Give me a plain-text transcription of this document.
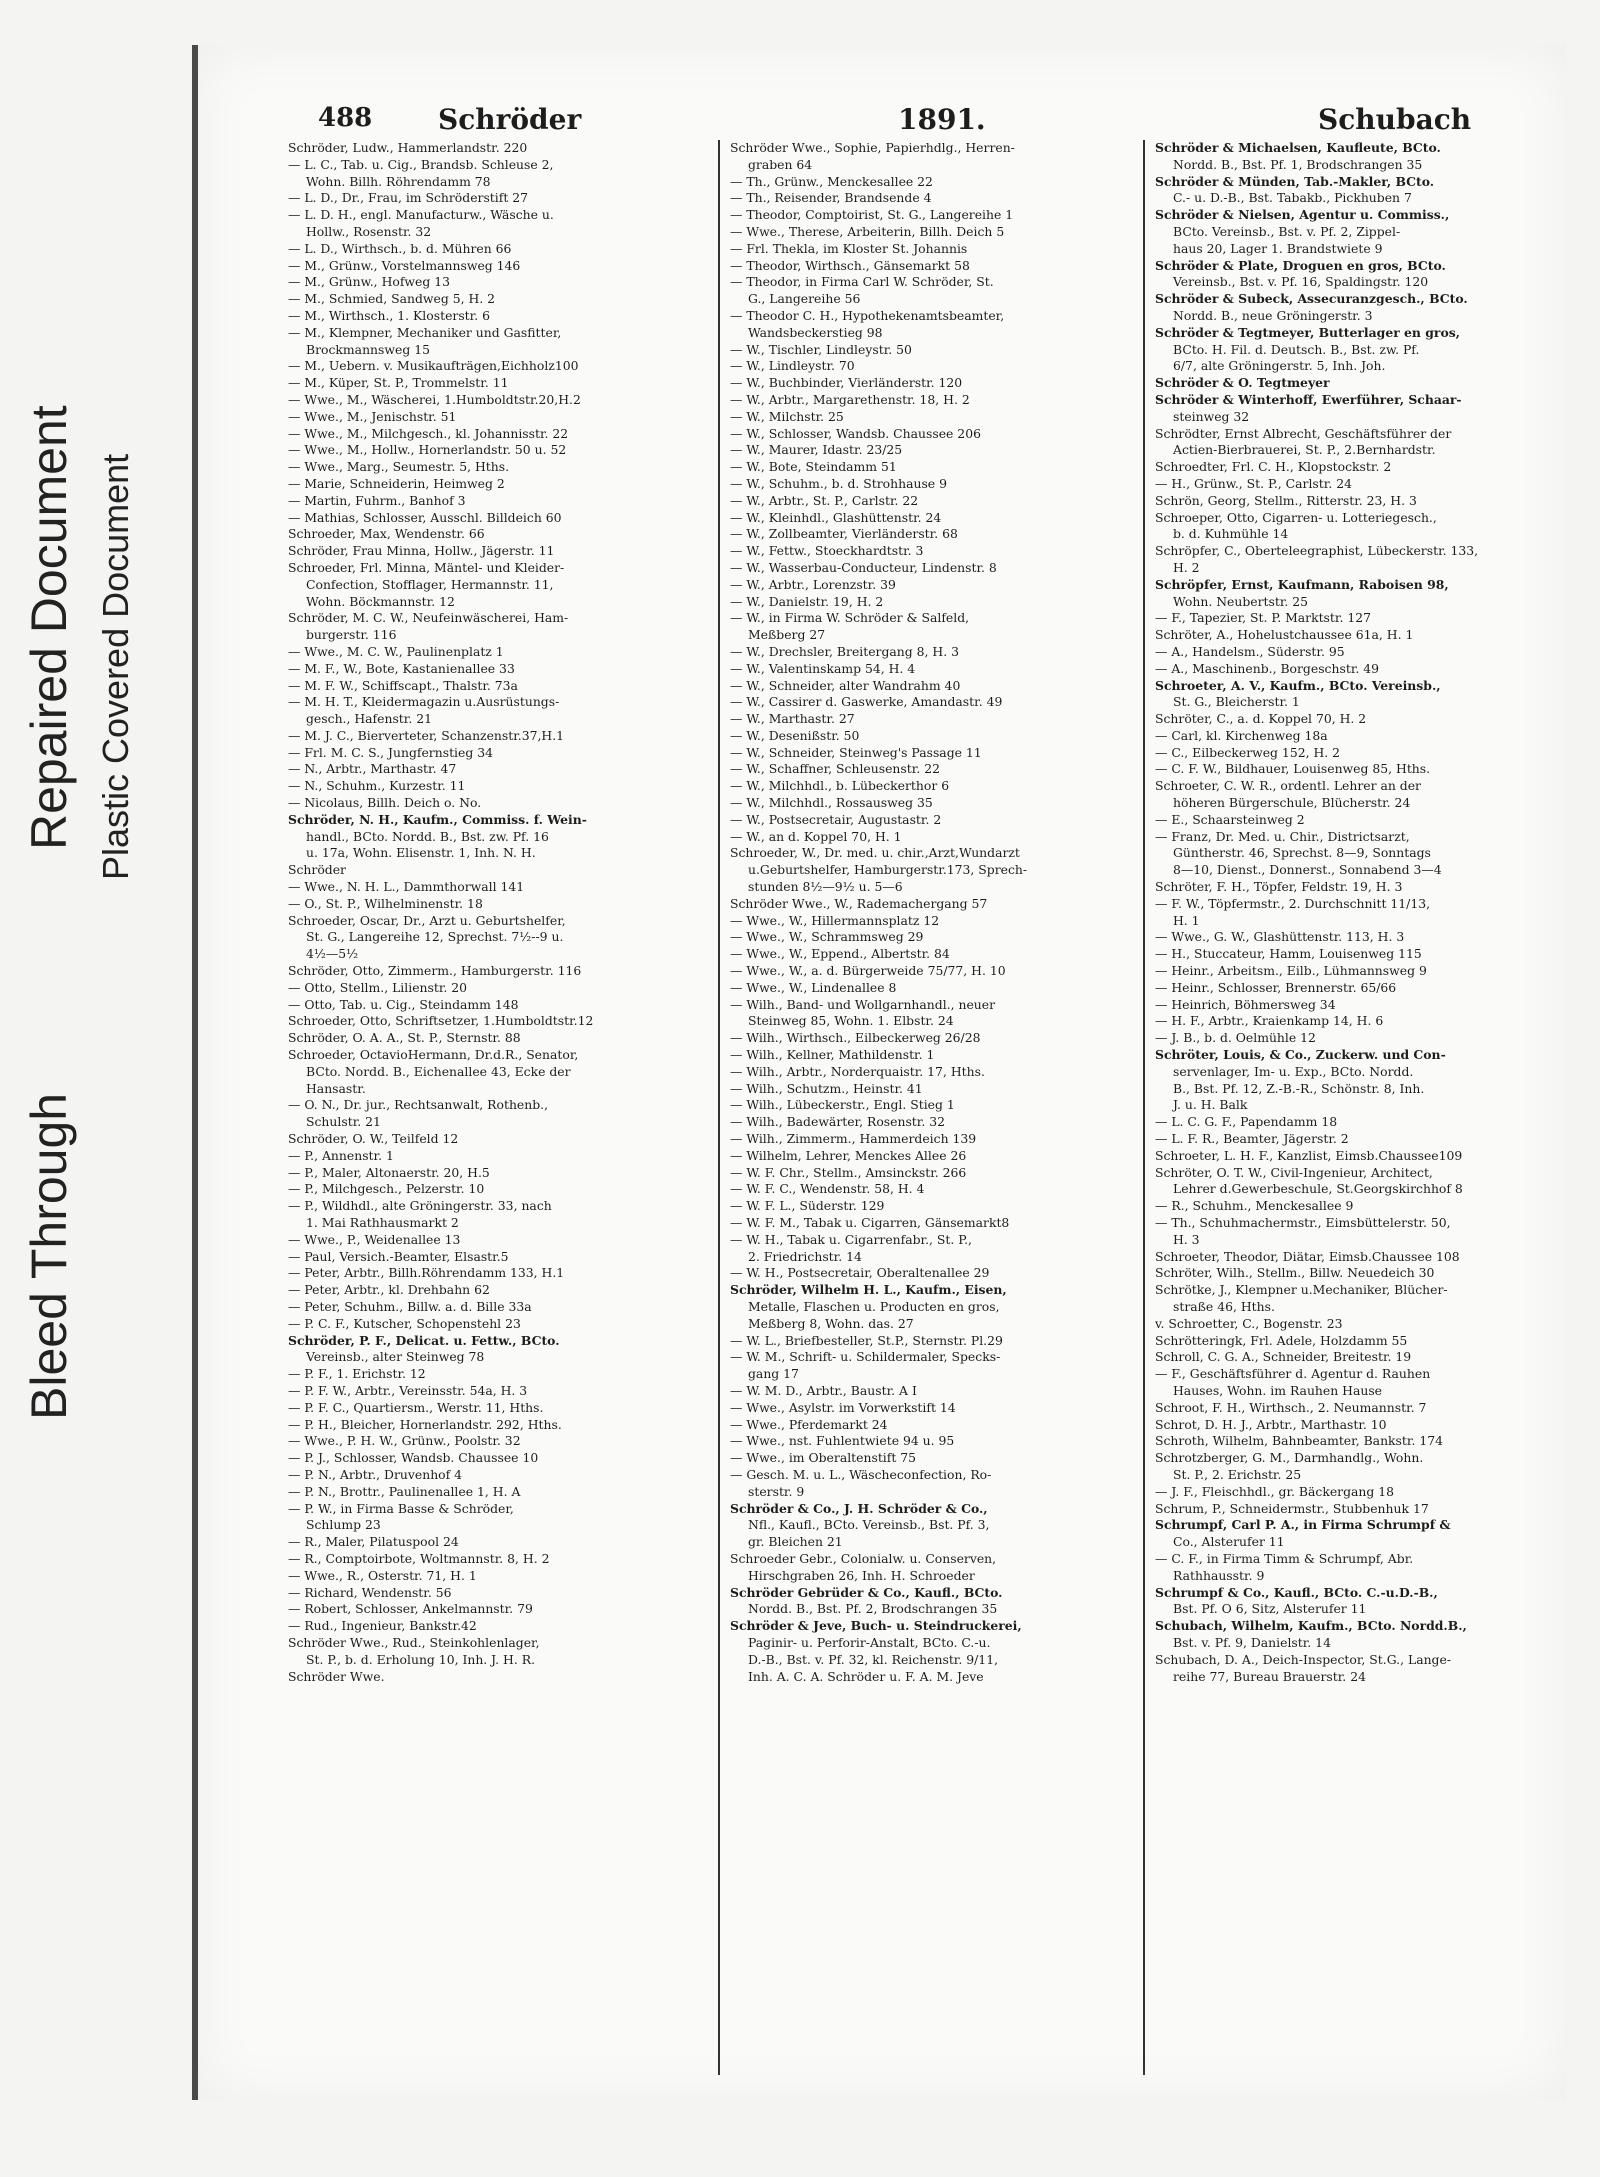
Bleed Through
Repaired Document Plastic Covered Document
488 Schröder	1891.	Schubach
Schröder, Ludw., Hammerlandstr. 220
— L. C., Tab. u. Cig., Brandsb. Schleuse 2,
Wohn. Billh. Röhrendamm 78
— L. D., Dr., Frau, im Schröderstift 27
— L. D. H., engl. Manufacturw., Wäsche u.
Hollw., Rosenstr. 32
— L. D., Wirthsch., b. d. Mühren 66
— M., Grünw., Vorstelmannsweg 146
— M., Grünw., Hofweg 13
— M., Schmied, Sandweg 5, H. 2
— M., Wirthsch., 1. Klosterstr. 6
— M., Klempner, Mechaniker und Gasfitter,
Brockmannsweg 15
— M., Uebern. v. Musikaufträgen,Eichholz100
— M., Küper, St. P., Trommelstr. 11
— Wwe., M., Wäscherei, 1.Humboldtstr.20,H.2
— Wwe., M., Jenischstr. 51
— Wwe., M., Milchgesch., kl. Johannisstr. 22
— Wwe., M., Hollw., Hornerlandstr. 50 u. 52
— Wwe., Marg., Seumestr. 5, Hths.
— Marie, Schneiderin, Heimweg 2
— Martin, Fuhrm., Banhof 3
— Mathias, Schlosser, Ausschl. Billdeich 60
Schroeder, Max, Wendenstr. 66
Schröder, Frau Minna, Hollw., Jägerstr. 11
Schroeder, Frl. Minna, Mäntel- und Kleider-
Confection, Stofflager, Hermannstr. 11,
Wohn. Böckmannstr. 12
Schröder, M. C. W., Neufeinwäscherei, Ham-
burgerstr. 116
— Wwe., M. C. W., Paulinenplatz 1
— M. F., W., Bote, Kastanienallee 33
— M. F. W., Schiffscapt., Thalstr. 73a
— M. H. T., Kleidermagazin u.Ausrüstungs-
gesch., Hafenstr. 21
— M. J. C., Bierverteter, Schanzenstr.37,H.1
— Frl. M. C. S., Jungfernstieg 34
— N., Arbtr., Marthastr. 47
— N., Schuhm., Kurzestr. 11
— Nicolaus, Billh. Deich o. No.
Schröder, N. H., Kaufm., Commiss. f. Wein-
handl., BCto. Nordd. B., Bst. zw. Pf. 16
u. 17a, Wohn. Elisenstr. 1, Inh. N. H.
Schröder
— Wwe., N. H. L., Dammthorwall 141
— O., St. P., Wilhelminenstr. 18
Schroeder, Oscar, Dr., Arzt u. Geburtshelfer,
St. G., Langereihe 12, Sprechst. 7½--9 u.
4½—5½
Schröder, Otto, Zimmerm., Hamburgerstr. 116
— Otto, Stellm., Lilienstr. 20
— Otto, Tab. u. Cig., Steindamm 148
Schroeder, Otto, Schriftsetzer, 1.Humboldtstr.12
Schröder, O. A. A., St. P., Sternstr. 88
Schroeder, OctavioHermann, Dr.d.R., Senator,
BCto. Nordd. B., Eichenallee 43, Ecke der
Hansastr.
— O. N., Dr. jur., Rechtsanwalt, Rothenb.,
Schulstr. 21
Schröder, O. W., Teilfeld 12
— P., Annenstr. 1
— P., Maler, Altonaerstr. 20, H.5
— P., Milchgesch., Pelzerstr. 10
— P., Wildhdl., alte Gröningerstr. 33, nach
1. Mai Rathhausmarkt 2
— Wwe., P., Weidenallee 13
— Paul, Versich.-Beamter, Elsastr.5
— Peter, Arbtr., Billh.Röhrendamm 133, H.1
— Peter, Arbtr., kl. Drehbahn 62
— Peter, Schuhm., Billw. a. d. Bille 33a
— P. C. F., Kutscher, Schopenstehl 23
Schröder, P. F., Delicat. u. Fettw., BCto.
Vereinsb., alter Steinweg 78
— P. F., 1. Erichstr. 12
— P. F. W., Arbtr., Vereinsstr. 54a, H. 3
— P. F. C., Quartiersm., Werstr. 11, Hths.
— P. H., Bleicher, Hornerlandstr. 292, Hths.
— Wwe., P. H. W., Grünw., Poolstr. 32
— P. J., Schlosser, Wandsb. Chaussee 10
— P. N., Arbtr., Druvenhof 4
— P. N., Brottr., Paulinenallee 1, H. A
— P. W., in Firma Basse & Schröder,
Schlump 23
— R., Maler, Pilatuspool 24
— R., Comptoirbote, Woltmannstr. 8, H. 2
— Wwe., R., Osterstr. 71, H. 1
— Richard, Wendenstr. 56
— Robert, Schlosser, Ankelmannstr. 79
— Rud., Ingenieur, Bankstr.42
Schröder Wwe., Rud., Steinkohlenlager,
St. P., b. d. Erholung 10, Inh. J. H. R.
Schröder Wwe.
Schröder Wwe., Sophie, Papierhdlg., Herren-
graben 64
— Th., Grünw., Menckesallee 22
— Th., Reisender, Brandsende 4
— Theodor, Comptoirist, St. G., Langereihe 1
— Wwe., Therese, Arbeiterin, Billh. Deich 5
— Frl. Thekla, im Kloster St. Johannis
— Theodor, Wirthsch., Gänsemarkt 58
— Theodor, in Firma Carl W. Schröder, St.
G., Langereihe 56
— Theodor C. H., Hypothekenamtsbeamter,
Wandsbeckerstieg 98
— W., Tischler, Lindleystr. 50
— W., Lindleystr. 70
— W., Buchbinder, Vierländerstr. 120
— W., Arbtr., Margarethenstr. 18, H. 2
— W., Milchstr. 25
— W., Schlosser, Wandsb. Chaussee 206
— W., Maurer, Idastr. 23/25
— W., Bote, Steindamm 51
— W., Schuhm., b. d. Strohhause 9
— W., Arbtr., St. P., Carlstr. 22
— W., Kleinhdl., Glashüttenstr. 24
— W., Zollbeamter, Vierländerstr. 68
— W., Fettw., Stoeckhardtstr. 3
— W., Wasserbau-Conducteur, Lindenstr. 8
— W., Arbtr., Lorenzstr. 39
— W., Danielstr. 19, H. 2
— W., in Firma W. Schröder & Salfeld,
Meßberg 27
— W., Drechsler, Breitergang 8, H. 3
— W., Valentinskamp 54, H. 4
— W., Schneider, alter Wandrahm 40
— W., Cassirer d. Gaswerke, Amandastr. 49
— W., Marthastr. 27
— W., Desenißstr. 50
— W., Schneider, Steinweg's Passage 11
— W., Schaffner, Schleusenstr. 22
— W., Milchhdl., b. Lübeckerthor 6
— W., Milchhdl., Rossausweg 35
— W., Postsecretair, Augustastr. 2
— W., an d. Koppel 70, H. 1
Schroeder, W., Dr. med. u. chir.,Arzt,Wundarzt
u.Geburtshelfer, Hamburgerstr.173, Sprech-
stunden 8½—9½ u. 5—6
Schröder Wwe., W., Rademachergang 57
— Wwe., W., Hillermannsplatz 12
— Wwe., W., Schrammsweg 29
— Wwe., W., Eppend., Albertstr. 84
— Wwe., W., a. d. Bürgerweide 75/77, H. 10
— Wwe., W., Lindenallee 8
— Wilh., Band- und Wollgarnhandl., neuer
Steinweg 85, Wohn. 1. Elbstr. 24
— Wilh., Wirthsch., Eilbeckerweg 26/28
— Wilh., Kellner, Mathildenstr. 1
— Wilh., Arbtr., Norderquaistr. 17, Hths.
— Wilh., Schutzm., Heinstr. 41
— Wilh., Lübeckerstr., Engl. Stieg 1
— Wilh., Badewärter, Rosenstr. 32
— Wilh., Zimmerm., Hammerdeich 139
— Wilhelm, Lehrer, Menckes Allee 26
— W. F. Chr., Stellm., Amsinckstr. 266
— W. F. C., Wendenstr. 58, H. 4
— W. F. L., Süderstr. 129
— W. F. M., Tabak u. Cigarren, Gänsemarkt8
— W. H., Tabak u. Cigarrenfabr., St. P.,
2. Friedrichstr. 14
— W. H., Postsecretair, Oberaltenallee 29
Schröder, Wilhelm H. L., Kaufm., Eisen,
Metalle, Flaschen u. Producten en gros,
Meßberg 8, Wohn. das. 27
— W. L., Briefbesteller, St.P., Sternstr. Pl.29
— W. M., Schrift- u. Schildermaler, Specks-
gang 17
— W. M. D., Arbtr., Baustr. A I
— Wwe., Asylstr. im Vorwerkstift 14
— Wwe., Pferdemarkt 24
— Wwe., nst. Fuhlentwiete 94 u. 95
— Wwe., im Oberaltenstift 75
— Gesch. M. u. L., Wäscheconfection, Ro-
sterstr. 9
Schröder & Co., J. H. Schröder & Co.,
Nfl., Kaufl., BCto. Vereinsb., Bst. Pf. 3,
gr. Bleichen 21
Schroeder Gebr., Colonialw. u. Conserven,
Hirschgraben 26, Inh. H. Schroeder
Schröder Gebrüder & Co., Kaufl., BCto.
Nordd. B., Bst. Pf. 2, Brodschrangen 35
Schröder & Jeve, Buch- u. Steindruckerei,
Paginir- u. Perforir-Anstalt, BCto. C.-u.
D.-B., Bst. v. Pf. 32, kl. Reichenstr. 9/11,
Inh. A. C. A. Schröder u. F. A. M. Jeve
Schröder & Michaelsen, Kaufleute, BCto.
Nordd. B., Bst. Pf. 1, Brodschrangen 35
Schröder & Münden, Tab.-Makler, BCto.
C.- u. D.-B., Bst. Tabakb., Pickhuben 7
Schröder & Nielsen, Agentur u. Commiss.,
BCto. Vereinsb., Bst. v. Pf. 2, Zippel-
haus 20, Lager 1. Brandstwiete 9
Schröder & Plate, Droguen en gros, BCto.
Vereinsb., Bst. v. Pf. 16, Spaldingstr. 120
Schröder & Subeck, Assecuranzgesch., BCto.
Nordd. B., neue Gröningerstr. 3
Schröder & Tegtmeyer, Butterlager en gros,
BCto. H. Fil. d. Deutsch. B., Bst. zw. Pf.
6/7, alte Gröningerstr. 5, Inh. Joh.
Schröder & O. Tegtmeyer
Schröder & Winterhoff, Ewerführer, Schaar-
steinweg 32
Schrödter, Ernst Albrecht, Geschäftsführer der
Actien-Bierbrauerei, St. P., 2.Bernhardstr.
Schroedter, Frl. C. H., Klopstockstr. 2
— H., Grünw., St. P., Carlstr. 24
Schrön, Georg, Stellm., Ritterstr. 23, H. 3
Schroeper, Otto, Cigarren- u. Lotteriegesch.,
b. d. Kuhmühle 14
Schröpfer, C., Oberteleegraphist, Lübeckerstr. 133,
H. 2
Schröpfer, Ernst, Kaufmann, Raboisen 98,
Wohn. Neubertstr. 25
— F., Tapezier, St. P. Marktstr. 127
Schröter, A., Hohelustchaussee 61a, H. 1
— A., Handelsm., Süderstr. 95
— A., Maschinenb., Borgeschstr. 49
Schroeter, A. V., Kaufm., BCto. Vereinsb.,
St. G., Bleicherstr. 1
Schröter, C., a. d. Koppel 70, H. 2
— Carl, kl. Kirchenweg 18a
— C., Eilbeckerweg 152, H. 2
— C. F. W., Bildhauer, Louisenweg 85, Hths.
Schroeter, C. W. R., ordentl. Lehrer an der
höheren Bürgerschule, Blücherstr. 24
— E., Schaarsteinweg 2
— Franz, Dr. Med. u. Chir., Districtsarzt,
Güntherstr. 46, Sprechst. 8—9, Sonntags
8—10, Dienst., Donnerst., Sonnabend 3—4
Schröter, F. H., Töpfer, Feldstr. 19, H. 3
— F. W., Töpfermstr., 2. Durchschnitt 11/13,
H. 1
— Wwe., G. W., Glashüttenstr. 113, H. 3
— H., Stuccateur, Hamm, Louisenweg 115
— Heinr., Arbeitsm., Eilb., Lühmannsweg 9
— Heinr., Schlosser, Brennerstr. 65/66
— Heinrich, Böhmersweg 34
— H. F., Arbtr., Kraienkamp 14, H. 6
— J. B., b. d. Oelmühle 12
Schröter, Louis, & Co., Zuckerw. und Con-
servenlager, Im- u. Exp., BCto. Nordd.
B., Bst. Pf. 12, Z.-B.-R., Schönstr. 8, Inh.
J. u. H. Balk
— L. C. G. F., Papendamm 18
— L. F. R., Beamter, Jägerstr. 2
Schroeter, L. H. F., Kanzlist, Eimsb.Chaussee109
Schröter, O. T. W., Civil-Ingenieur, Architect,
Lehrer d.Gewerbeschule, St.Georgskirchhof 8
— R., Schuhm., Menckesallee 9
— Th., Schuhmachermstr., Eimsbüttelerstr. 50,
H. 3
Schroeter, Theodor, Diätar, Eimsb.Chaussee 108
Schröter, Wilh., Stellm., Billw. Neuedeich 30
Schrötke, J., Klempner u.Mechaniker, Blücher-
straße 46, Hths.
v. Schroetter, C., Bogenstr. 23
Schrötteringk, Frl. Adele, Holzdamm 55
Schroll, C. G. A., Schneider, Breitestr. 19
— F., Geschäftsführer d. Agentur d. Rauhen
Hauses, Wohn. im Rauhen Hause
Schroot, F. H., Wirthsch., 2. Neumannstr. 7
Schrot, D. H. J., Arbtr., Marthastr. 10
Schroth, Wilhelm, Bahnbeamter, Bankstr. 174
Schrotzberger, G. M., Darmhandlg., Wohn.
St. P., 2. Erichstr. 25
— J. F., Fleischhdl., gr. Bäckergang 18
Schrum, P., Schneidermstr., Stubbenhuk 17
Schrumpf, Carl P. A., in Firma Schrumpf &
Co., Alsterufer 11
— C. F., in Firma Timm & Schrumpf, Abr.
Rathhausstr. 9
Schrumpf & Co., Kaufl., BCto. C.-u.D.-B.,
Bst. Pf. O 6, Sitz, Alsterufer 11
Schubach, Wilhelm, Kaufm., BCto. Nordd.B.,
Bst. v. Pf. 9, Danielstr. 14
Schubach, D. A., Deich-Inspector, St.G., Lange-
reihe 77, Bureau Brauerstr. 24
